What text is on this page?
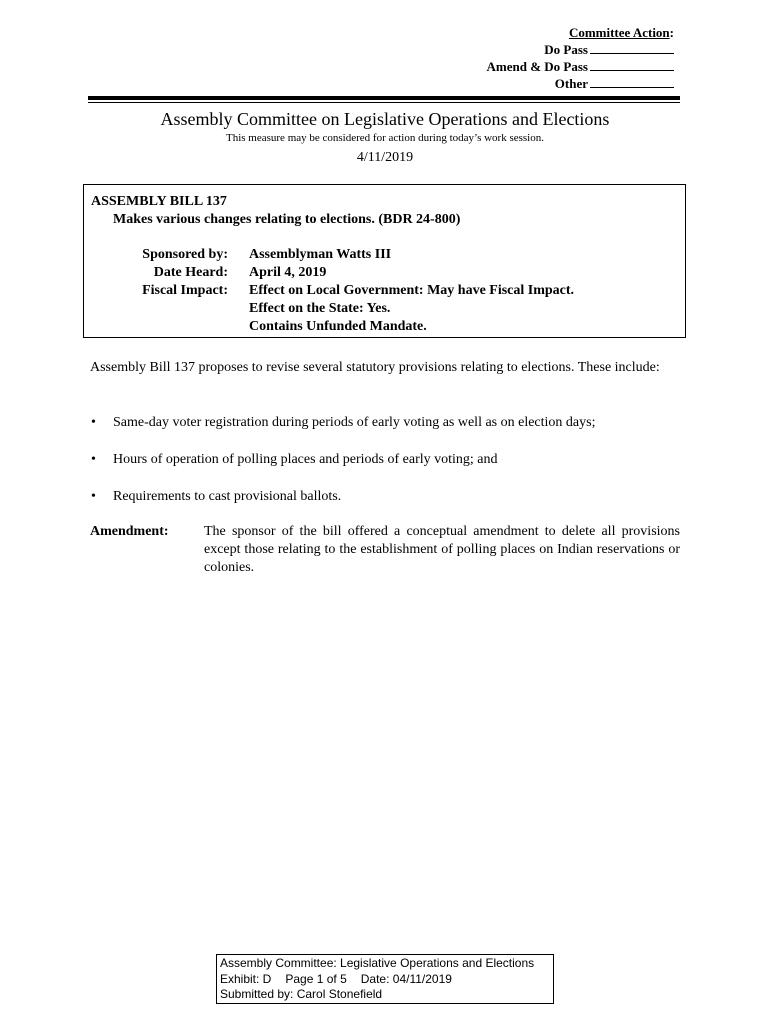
Committee Action:
Do Pass
Amend & Do Pass
Other
Assembly Committee on Legislative Operations and Elections
This measure may be considered for action during today’s work session.
4/11/2019
ASSEMBLY BILL 137
Makes various changes relating to elections. (BDR 24-800)
Sponsored by:
Date Heard:
Fiscal Impact:
Assemblyman Watts III
April 4, 2019
Effect on Local Government: May have Fiscal Impact.
Effect on the State: Yes.
Contains Unfunded Mandate.
Assembly Bill 137 proposes to revise several statutory provisions relating to elections. These include:
• Same-day voter registration during periods of early voting as well as on election days;
• Hours of operation of polling places and periods of early voting; and
• Requirements to cast provisional ballots.
Amendment:	The sponsor of the bill offered a conceptual amendment to delete all provisions except those relating to the establishment of polling places on Indian reservations or colonies.
Assembly Committee: Legislative Operations and Elections
Exhibit: D Page 1 of 5 Date: 04/11/2019
Submitted by: Carol Stonefield
